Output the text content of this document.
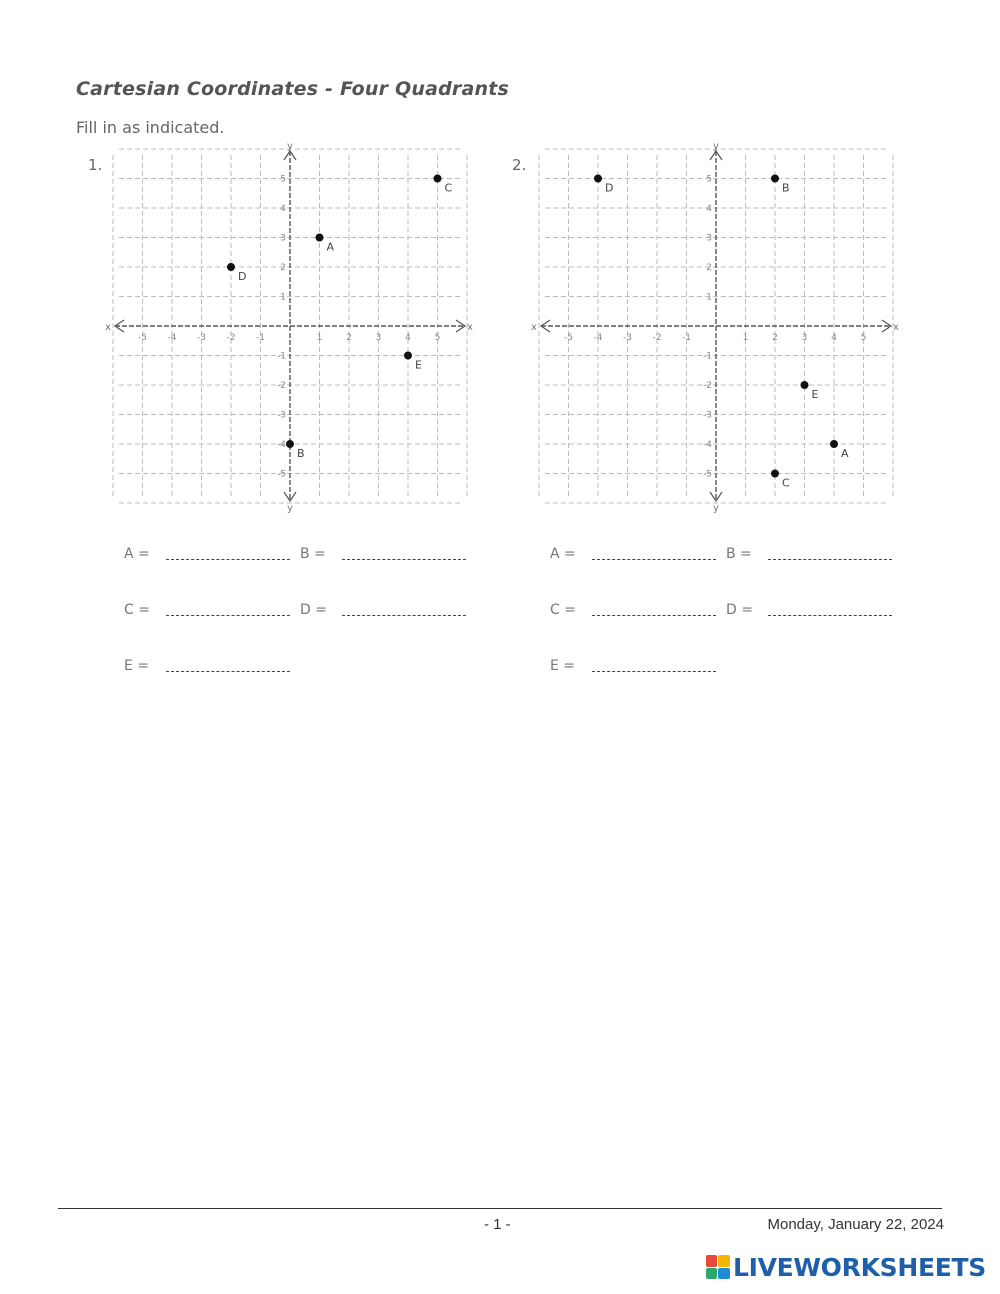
Cartesian Coordinates - Four Quadrants
Fill in as indicated.
1.
x	x
y
y
-5
-5
-4
-4
-3
-3
-2
-2
-1
-1
1
1
2
2
3
3
4
4
5
5
A
B
C
D
E
2.
x	x
y
y
-5
-5
-4
-4
-3
-3
-2
-2
-1
-1
1
1
2
2
3
3
4
4
5
5
A
B
C
D
E
A =	B =
C =	D =
E =
A =	B =
C =	D =
E =
- 1 -	Monday, January 22, 2024
LIVEWORKSHEETS
